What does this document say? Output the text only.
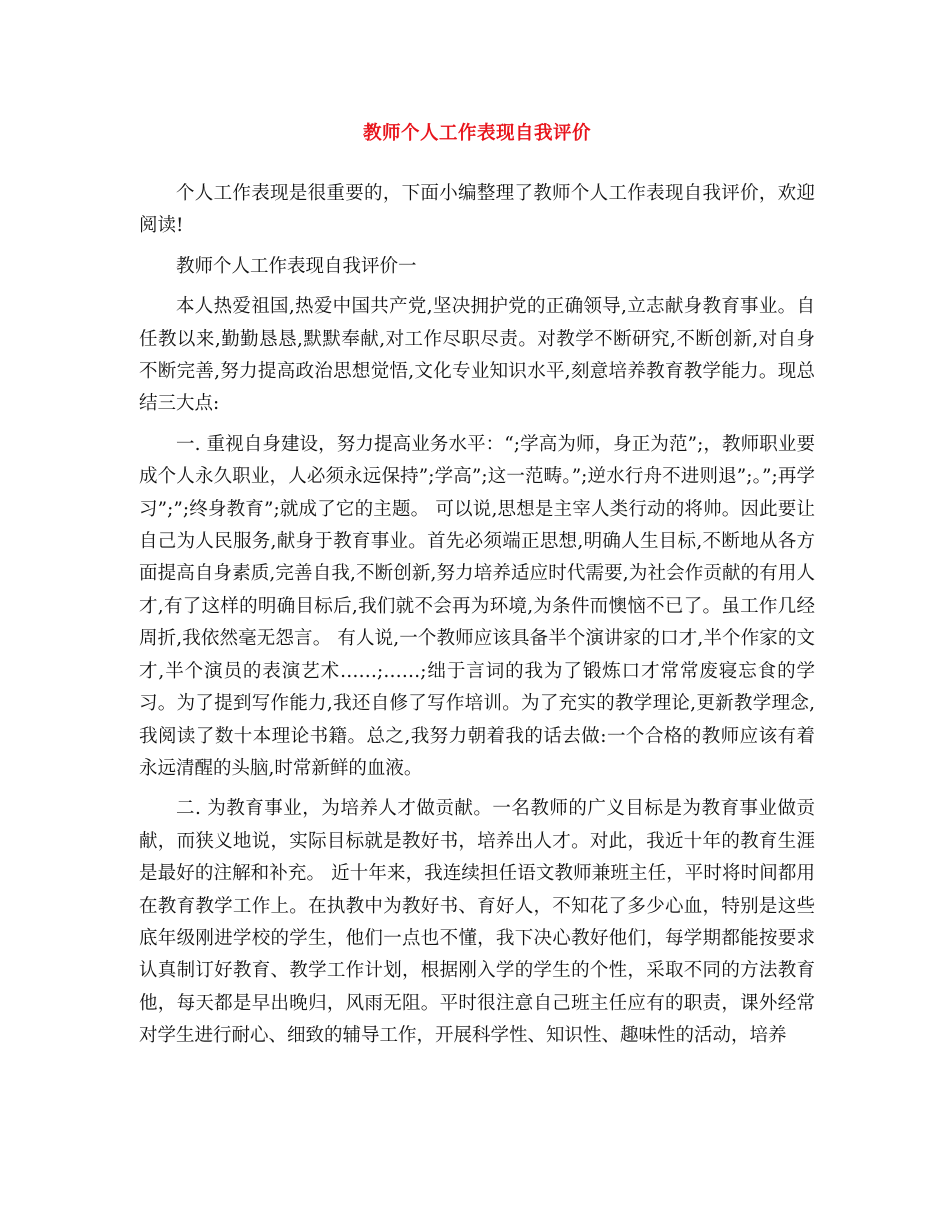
教师个人工作表现自我评价

个人工作表现是很重要的，下面小编整理了教师个人工作表现自我评价，欢迎阅读!

教师个人工作表现自我评价一

本人热爱祖国,热爱中国共产党,坚决拥护党的正确领导,立志献身教育事业。自任教以来,勤勤恳恳,默默奉献,对工作尽职尽责。对教学不断研究,不断创新,对自身不断完善,努力提高政治思想觉悟,文化专业知识水平,刻意培养教育教学能力。现总结三大点:

一. 重视自身建设，努力提高业务水平：“;学高为师，身正为范”;，教师职业要成个人永久职业，人必须永远保持”;学高”;这一范畴。”;逆水行舟不进则退”;。”;再学习”;”;终身教育”;就成了它的主题。 可以说,思想是主宰人类行动的将帅。因此要让自己为人民服务,献身于教育事业。首先必须端正思想,明确人生目标,不断地从各方面提高自身素质,完善自我,不断创新,努力培养适应时代需要,为社会作贡献的有用人才,有了这样的明确目标后,我们就不会再为环境,为条件而懊恼不已了。虽工作几经周折,我依然毫无怨言。 有人说,一个教师应该具备半个演讲家的口才,半个作家的文才,半个演员的表演艺术……;……;绌于言词的我为了锻炼口才常常废寝忘食的学习。为了提到写作能力,我还自修了写作培训。为了充实的教学理论,更新教学理念,我阅读了数十本理论书籍。总之,我努力朝着我的话去做:一个合格的教师应该有着永远清醒的头脑,时常新鲜的血液。

二. 为教育事业，为培养人才做贡献。一名教师的广义目标是为教育事业做贡献，而狭义地说，实际目标就是教好书，培养出人才。对此，我近十年的教育生涯是最好的注解和补充。 近十年来，我连续担任语文教师兼班主任，平时将时间都用在教育教学工作上。在执教中为教好书、育好人，不知花了多少心血，特别是这些底年级刚进学校的学生，他们一点也不懂，我下决心教好他们，每学期都能按要求认真制订好教育、教学工作计划，根据刚入学的学生的个性，采取不同的方法教育他，每天都是早出晚归，风雨无阻。平时很注意自己班主任应有的职责，课外经常对学生进行耐心、细致的辅导工作，开展科学性、知识性、趣味性的活动，培养
